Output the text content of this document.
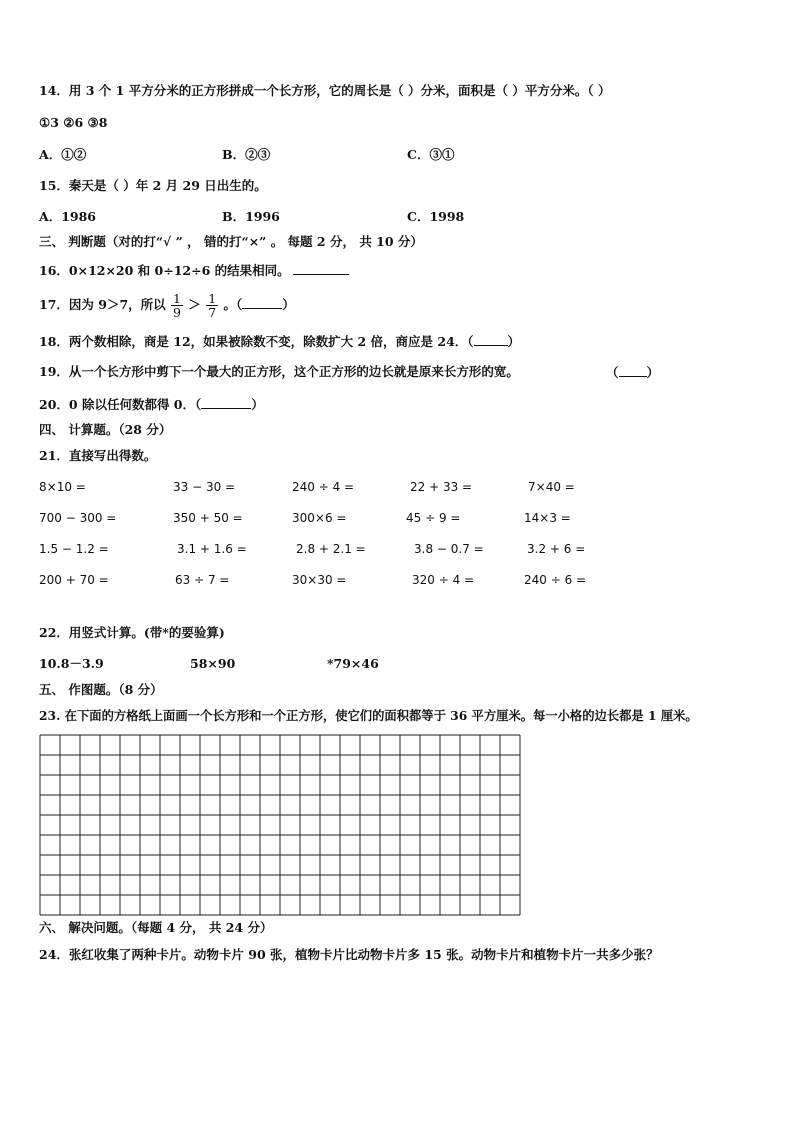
14．用 3 个 1 平方分米的正方形拼成一个长方形，它的周长是（ ）分米，面积是（ ）平方分米。（ ）
①3 ②6 ③8
A．①②	B．②③	C．③①
15．秦天是（ ）年 2 月 29 日出生的。
A．1986	B．1996	C．1998
三、 判断题（对的打“√ ” ， 错的打“×” 。 每题 2 分， 共 10 分）
16．0×12×20 和 0÷12÷6 的结果相同。
17．因为 9＞7，所以 $\frac{1}{9} > \frac{1}{7}$ 。（	）
18．两个数相除，商是 12，如果被除数不变，除数扩大 2 倍，商应是 24．（	）
19．从一个长方形中剪下一个最大的正方形，这个正方形的边长就是原来长方形的宽。	（ ）
20．0 除以任何数都得 0．（	）
四、 计算题。（28 分）
21．直接写出得数。
8×10 =	33 − 30 =	240 ÷ 4 =	22 + 33 =	7×40 =
700 − 300 =	350 + 50 =	300×6 =	45 ÷ 9 =	14×3 =
1.5 − 1.2 =	3.1 + 1.6 =	2.8 + 2.1 =	3.8 − 0.7 =	3.2 + 6 =
200 + 70 =	63 ÷ 7 =	30×30 =	320 ÷ 4 =	240 ÷ 6 =
22．用竖式计算。(带*的要验算)
10.8－3.9	58×90	*79×46
五、 作图题。（8 分）
23. 在下面的方格纸上面画一个长方形和一个正方形，使它们的面积都等于 36 平方厘米。每一小格的边长都是 1 厘米。
六、 解决问题。（每题 4 分， 共 24 分）
24．张红收集了两种卡片。动物卡片 90 张，植物卡片比动物卡片多 15 张。动物卡片和植物卡片一共多少张？
